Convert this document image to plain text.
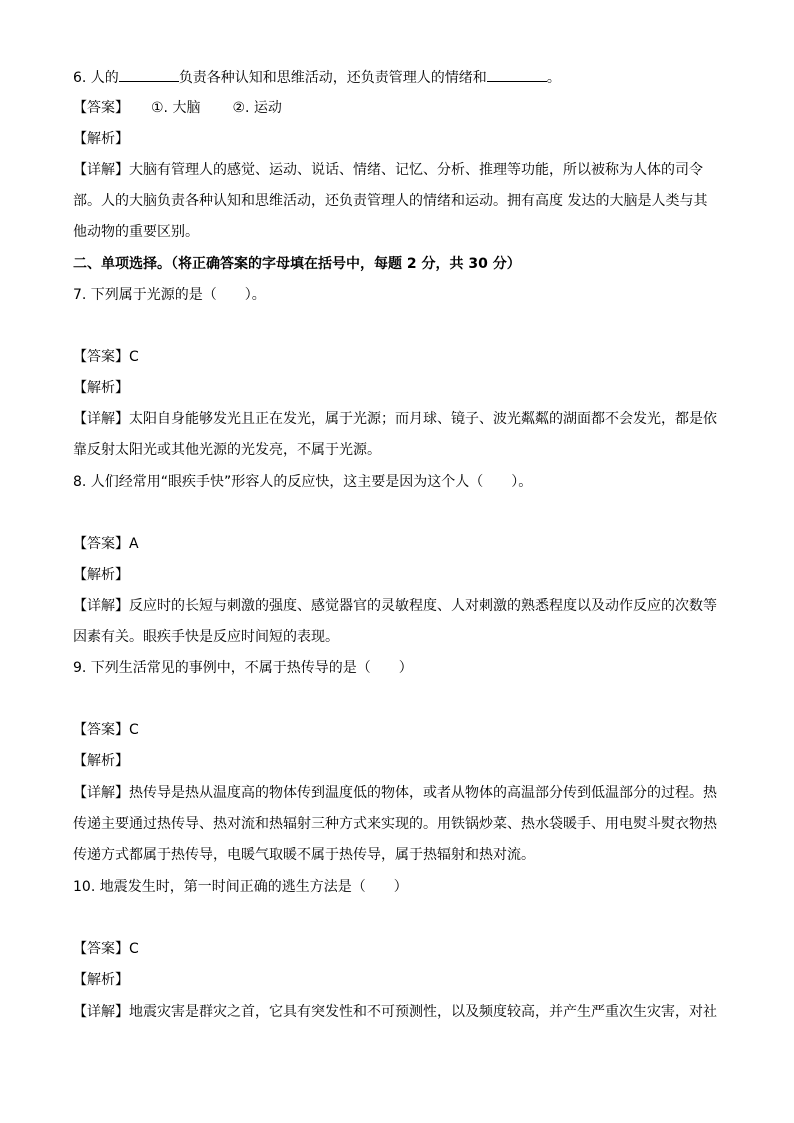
6. 人的	负责各种认知和思维活动，还负责管理人的情绪和	。
【答案】 ①. 大脑 ②. 运动
【解析】
【详解】大脑有管理人的感觉、运动、说话、情绪、记忆、分析、推理等功能，所以被称为人体的司令
部。人的大脑负责各种认知和思维活动，还负责管理人的情绪和运动。拥有高度 发达的大脑是人类与其
他动物的重要区别。
二、单项选择。（将正确答案的字母填在括号中，每题 2 分，共 30 分）
7. 下列属于光源的是（　　）。
【答案】C
【解析】
【详解】太阳自身能够发光且正在发光，属于光源；而月球、镜子、波光粼粼的湖面都不会发光，都是依
靠反射太阳光或其他光源的光发亮，不属于光源。
8. 人们经常用“眼疾手快”形容人的反应快，这主要是因为这个人（　　）。
【答案】A
【解析】
【详解】反应时的长短与刺激的强度、感觉器官的灵敏程度、人对刺激的熟悉程度以及动作反应的次数等
因素有关。眼疾手快是反应时间短的表现。
9. 下列生活常见的事例中，不属于热传导的是（　　）
【答案】C
【解析】
【详解】热传导是热从温度高的物体传到温度低的物体，或者从物体的高温部分传到低温部分的过程。热
传递主要通过热传导、热对流和热辐射三种方式来实现的。用铁锅炒菜、热水袋暖手、用电熨斗熨衣物热
传递方式都属于热传导，电暖气取暖不属于热传导，属于热辐射和热对流。
10. 地震发生时，第一时间正确的逃生方法是（　　）
【答案】C
【解析】
【详解】地震灾害是群灾之首，它具有突发性和不可预测性，以及频度较高，并产生严重次生灾害，对社
